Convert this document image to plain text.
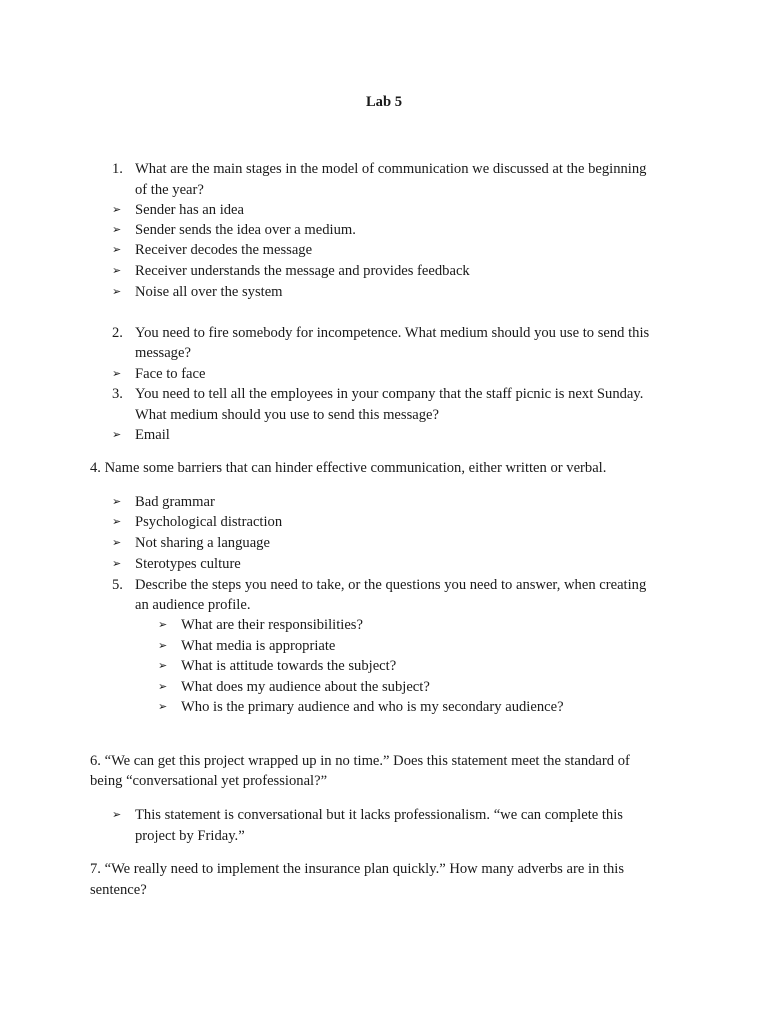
Lab 5
1. What are the main stages in the model of communication we discussed at the beginning
of the year?
➢ Sender has an idea
➢ Sender sends the idea over a medium.
➢ Receiver decodes the message
➢ Receiver understands the message and provides feedback
➢ Noise all over the system
2. You need to fire somebody for incompetence. What medium should you use to send this
message?
➢ Face to face
3. You need to tell all the employees in your company that the staff picnic is next Sunday.
What medium should you use to send this message?
➢ Email
4. Name some barriers that can hinder effective communication, either written or verbal.
➢ Bad grammar
➢ Psychological distraction
➢ Not sharing a language
➢ Sterotypes culture
5. Describe the steps you need to take, or the questions you need to answer, when creating
an audience profile.
➢ What are their responsibilities?
➢ What media is appropriate
➢ What is attitude towards the subject?
➢ What does my audience about the subject?
➢ Who is the primary audience and who is my secondary audience?
6. “We can get this project wrapped up in no time.” Does this statement meet the standard of
being “conversational yet professional?”
➢ This statement is conversational but it lacks professionalism. “we can complete this
project by Friday.”
7. “We really need to implement the insurance plan quickly.” How many adverbs are in this
sentence?
